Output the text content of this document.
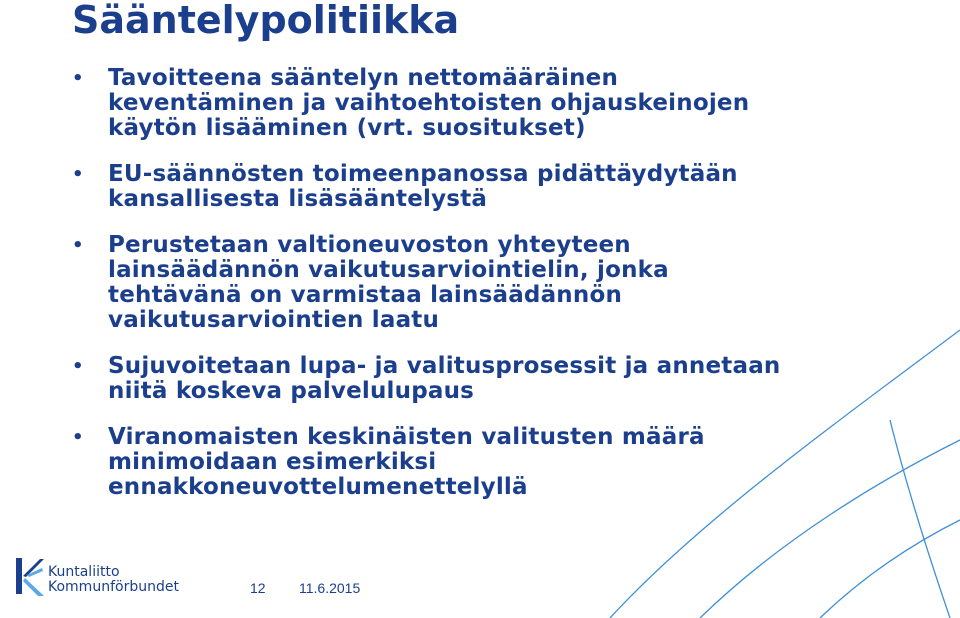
Sääntelypolitiikka
• Tavoitteena sääntelyn nettomääräinen
keventäminen ja vaihtoehtoisten ohjauskeinojen
käytön lisääminen (vrt. suositukset)
• EU-säännösten toimeenpanossa pidättäydytään
kansallisesta lisäsääntelystä
• Perustetaan valtioneuvoston yhteyteen
lainsäädännön vaikutusarviointielin, jonka
tehtävänä on varmistaa lainsäädännön
vaikutusarviointien laatu
• Sujuvoitetaan lupa- ja valitusprosessit ja annetaan
niitä koskeva palvelulupaus
• Viranomaisten keskinäisten valitusten määrä
minimoidaan esimerkiksi
ennakkoneuvottelumenettelyllä
Kuntaliitto
Kommunförbundet	12 11.6.2015
